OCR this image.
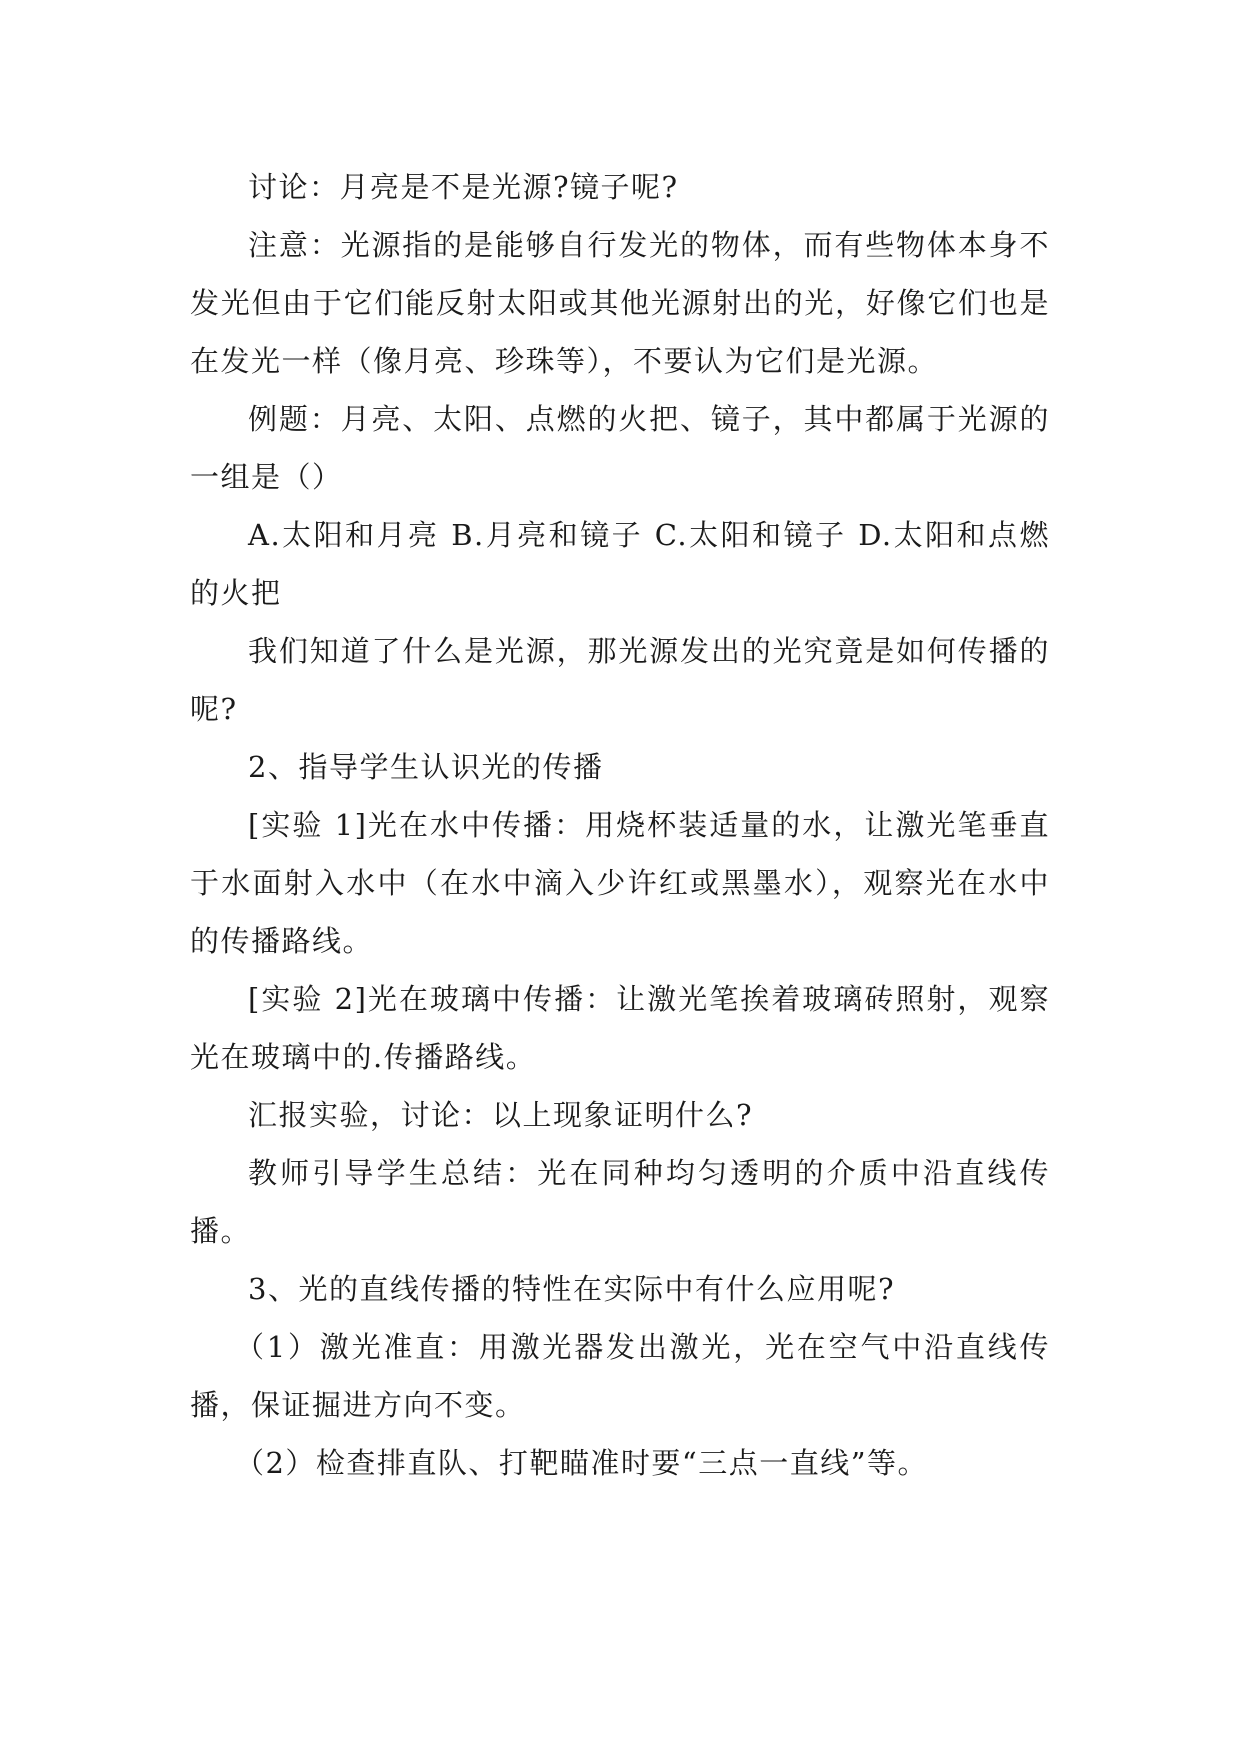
讨论：月亮是不是光源?镜子呢?

注意：光源指的是能够自行发光的物体，而有些物体本身不发光但由于它们能反射太阳或其他光源射出的光，好像它们也是在发光一样（像月亮、珍珠等），不要认为它们是光源。

例题：月亮、太阳、点燃的火把、镜子，其中都属于光源的一组是（）

A.太阳和月亮 B.月亮和镜子 C.太阳和镜子 D.太阳和点燃的火把

我们知道了什么是光源，那光源发出的光究竟是如何传播的呢?

2、指导学生认识光的传播

[实验 1]光在水中传播：用烧杯装适量的水，让激光笔垂直于水面射入水中（在水中滴入少许红或黑墨水），观察光在水中的传播路线。

[实验 2]光在玻璃中传播：让激光笔挨着玻璃砖照射，观察光在玻璃中的.传播路线。

汇报实验，讨论：以上现象证明什么?

教师引导学生总结：光在同种均匀透明的介质中沿直线传播。

3、光的直线传播的特性在实际中有什么应用呢?

（1）激光准直：用激光器发出激光，光在空气中沿直线传播，保证掘进方向不变。

（2）检查排直队、打靶瞄准时要“三点一直线”等。
